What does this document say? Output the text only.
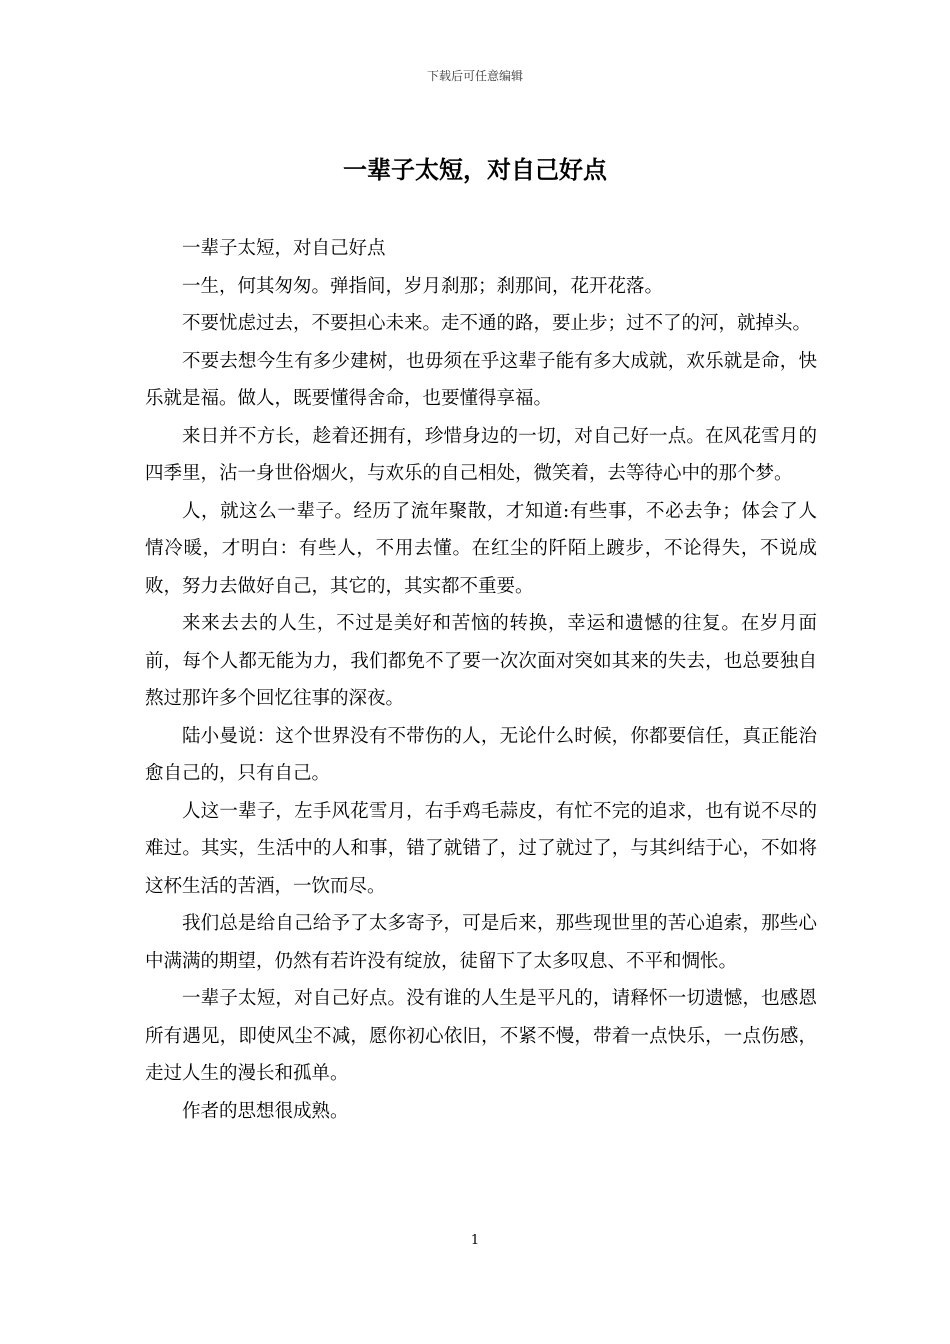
下载后可任意编辑
一辈子太短，对自己好点

一辈子太短，对自己好点

一生，何其匆匆。弹指间，岁月刹那；刹那间，花开花落。

不要忧虑过去，不要担心未来。走不通的路，要止步；过不了的河，就掉头。

不要去想今生有多少建树，也毋须在乎这辈子能有多大成就，欢乐就是命，快乐就是福。做人，既要懂得舍命，也要懂得享福。

来日并不方长，趁着还拥有，珍惜身边的一切，对自己好一点。在风花雪月的四季里，沾一身世俗烟火，与欢乐的自己相处，微笑着，去等待心中的那个梦。

人，就这么一辈子。经历了流年聚散，才知道:有些事，不必去争；体会了人情冷暖，才明白：有些人，不用去懂。在红尘的阡陌上踱步，不论得失，不说成败，努力去做好自己，其它的，其实都不重要。

来来去去的人生，不过是美好和苦恼的转换，幸运和遗憾的往复。在岁月面前，每个人都无能为力，我们都免不了要一次次面对突如其来的失去，也总要独自熬过那许多个回忆往事的深夜。

陆小曼说：这个世界没有不带伤的人，无论什么时候，你都要信任，真正能治愈自己的，只有自己。

人这一辈子，左手风花雪月，右手鸡毛蒜皮，有忙不完的追求，也有说不尽的难过。其实，生活中的人和事，错了就错了，过了就过了，与其纠结于心，不如将这杯生活的苦酒，一饮而尽。

我们总是给自己给予了太多寄予，可是后来，那些现世里的苦心追索，那些心中满满的期望，仍然有若许没有绽放，徒留下了太多叹息、不平和惆怅。

一辈子太短，对自己好点。没有谁的人生是平凡的，请释怀一切遗憾，也感恩所有遇见，即使风尘不减，愿你初心依旧，不紧不慢，带着一点快乐，一点伤感，走过人生的漫长和孤单。

作者的思想很成熟。

1
